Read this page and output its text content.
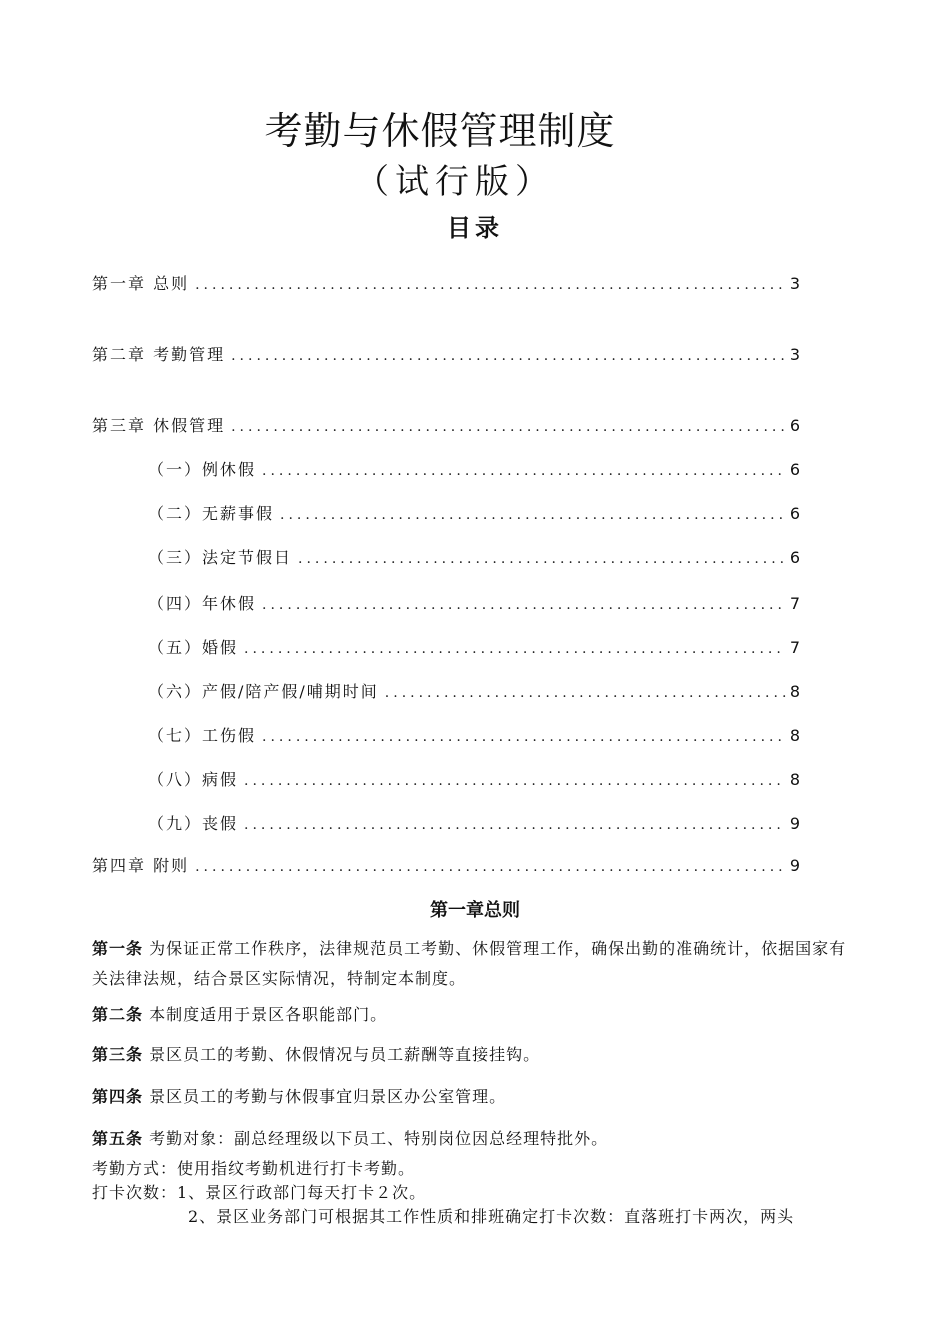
考勤与休假管理制度
（试行版）
目录
第一章 总则 .....	3
第二章 考勤管理 .....	3
第三章 休假管理 .....	6
（一）例休假 .....	6
（二）无薪事假 .....	6
（三）法定节假日 .....	6
（四）年休假 .....	7
（五）婚假 .....	7
（六）产假/陪产假/哺期时间 .....	8
（七）工伤假 .....	8
（八）病假 .....	8
（九）丧假 .....	9
第四章 附则 .....	9
第一章总则
第一条 为保证正常工作秩序，法律规范员工考勤、休假管理工作，确保出勤的准确统计，依据国家有关法律法规，结合景区实际情况，特制定本制度。
第二条 本制度适用于景区各职能部门。
第三条 景区员工的考勤、休假情况与员工薪酬等直接挂钩。
第四条 景区员工的考勤与休假事宜归景区办公室管理。
第五条 考勤对象：副总经理级以下员工、特别岗位因总经理特批外。
考勤方式：使用指纹考勤机进行打卡考勤。
打卡次数：1、景区行政部门每天打卡２次。
2、景区业务部门可根据其工作性质和排班确定打卡次数：直落班打卡两次，两头
